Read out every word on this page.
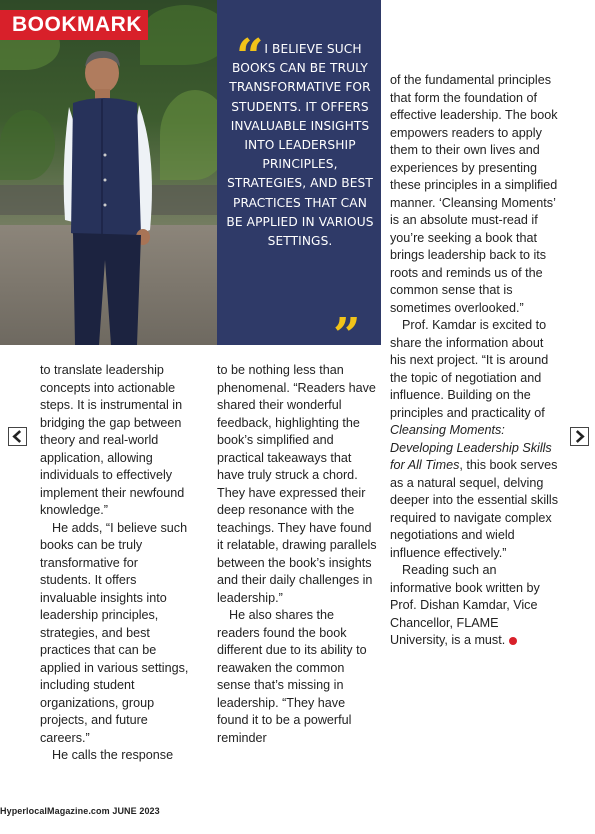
BOOKMARK
“ I BELIEVE SUCH BOOKS CAN BE TRULY TRANSFORMATIVE FOR STUDENTS. IT OFFERS INVALUABLE INSIGHTS INTO LEADERSHIP PRINCIPLES, STRATEGIES, AND BEST PRACTICES THAT CAN BE APPLIED IN VARIOUS SETTINGS.
”

to translate leadership concepts into actionable steps. It is instrumental in bridging the gap between theory and real-world application, allowing individuals to effectively implement their newfound knowledge.”

He adds, “I believe such books can be truly transformative for students. It offers invaluable insights into leadership principles, strategies, and best practices that can be applied in various settings, including student organizations, group projects, and future careers.”

He calls the response

to be nothing less than phenomenal. “Readers have shared their wonderful feedback, highlighting the book’s simplified and practical takeaways that have truly struck a chord. They have expressed their deep resonance with the teachings. They have found it relatable, drawing parallels between the book’s insights and their daily challenges in leadership.”

He also shares the readers found the book different due to its ability to reawaken the common sense that’s missing in leadership. “They have found it to be a powerful reminder

of the fundamental principles that form the foundation of effective leadership. The book empowers readers to apply them to their own lives and experiences by presenting these principles in a simplified manner. ‘Cleansing Moments’ is an absolute must-read if you’re seeking a book that brings leadership back to its roots and reminds us of the common sense that is sometimes overlooked.”

Prof. Kamdar is excited to share the information about his next project. “It is around the topic of negotiation and influence. Building on the principles and practicality of Cleansing Moments: Developing Leadership Skills for All Times, this book serves as a natural sequel, delving deeper into the essential skills required to navigate complex negotiations and wield influence effectively.”

Reading such an informative book written by Prof. Dishan Kamdar, Vice Chancellor, FLAME University, is a must.

HyperlocalMagazine.com JUNE 2023
